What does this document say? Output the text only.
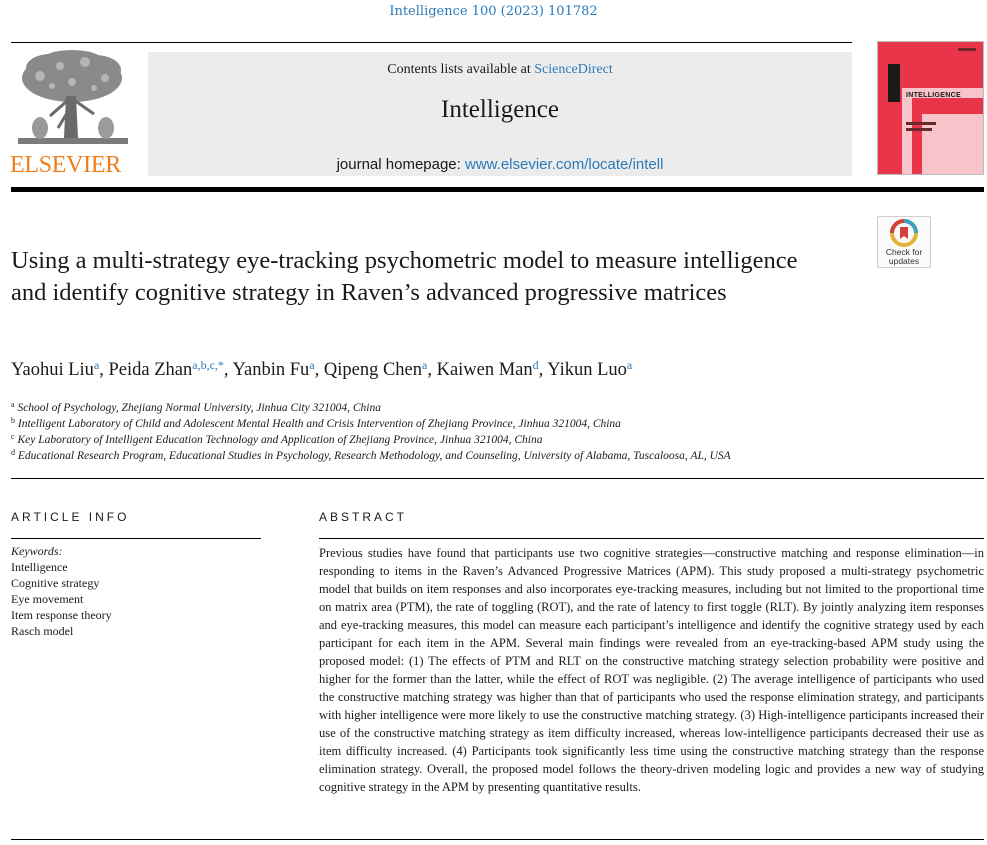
Intelligence 100 (2023) 101782
ELSEVIER
Contents lists available at ScienceDirect
Intelligence
journal homepage: www.elsevier.com/locate/intell
INTELLIGENCE
Check for
updates
Using a multi-strategy eye-tracking psychometric model to measure intelligence and identify cognitive strategy in Raven’s advanced progressive matrices
Yaohui Liu$^a$, Peida Zhan$^{a,b,c,*}$, Yanbin Fu$^a$, Qipeng Chen$^a$, Kaiwen Man$^d$, Yikun Luo$^a$
$^a$ School of Psychology, Zhejiang Normal University, Jinhua City 321004, China
$^b$ Intelligent Laboratory of Child and Adolescent Mental Health and Crisis Intervention of Zhejiang Province, Jinhua 321004, China
$^c$ Key Laboratory of Intelligent Education Technology and Application of Zhejiang Province, Jinhua 321004, China
$^d$ Educational Research Program, Educational Studies in Psychology, Research Methodology, and Counseling, University of Alabama, Tuscaloosa, AL, USA
ARTICLE INFO
Keywords:
Intelligence
Cognitive strategy
Eye movement
Item response theory
Rasch model
ABSTRACT
Previous studies have found that participants use two cognitive strategies—constructive matching and response elimination—in responding to items in the Raven’s Advanced Progressive Matrices (APM). This study proposed a multi-strategy psychometric model that builds on item responses and also incorporates eye-tracking measures, including but not limited to the proportional time on matrix area (PTM), the rate of toggling (ROT), and the rate of latency to first toggle (RLT). By jointly analyzing item responses and eye-tracking measures, this model can measure each participant’s intelligence and identify the cognitive strategy used by each participant for each item in the APM. Several main findings were revealed from an eye-tracking-based APM study using the proposed model: (1) The effects of PTM and RLT on the constructive matching strategy selection probability were positive and higher for the former than the latter, while the effect of ROT was negligible. (2) The average intelligence of participants who used the constructive matching strategy was higher than that of participants who used the response elimination strategy, and participants with higher intelligence were more likely to use the constructive matching strategy. (3) High-intelligence participants increased their use of the constructive matching strategy as item difficulty increased, whereas low-intelligence participants decreased their use as item difficulty increased. (4) Participants took significantly less time using the constructive matching strategy than the response elimination strategy. Overall, the proposed model follows the theory-driven modeling logic and provides a new way of studying cognitive strategy in the APM by presenting quantitative results.
